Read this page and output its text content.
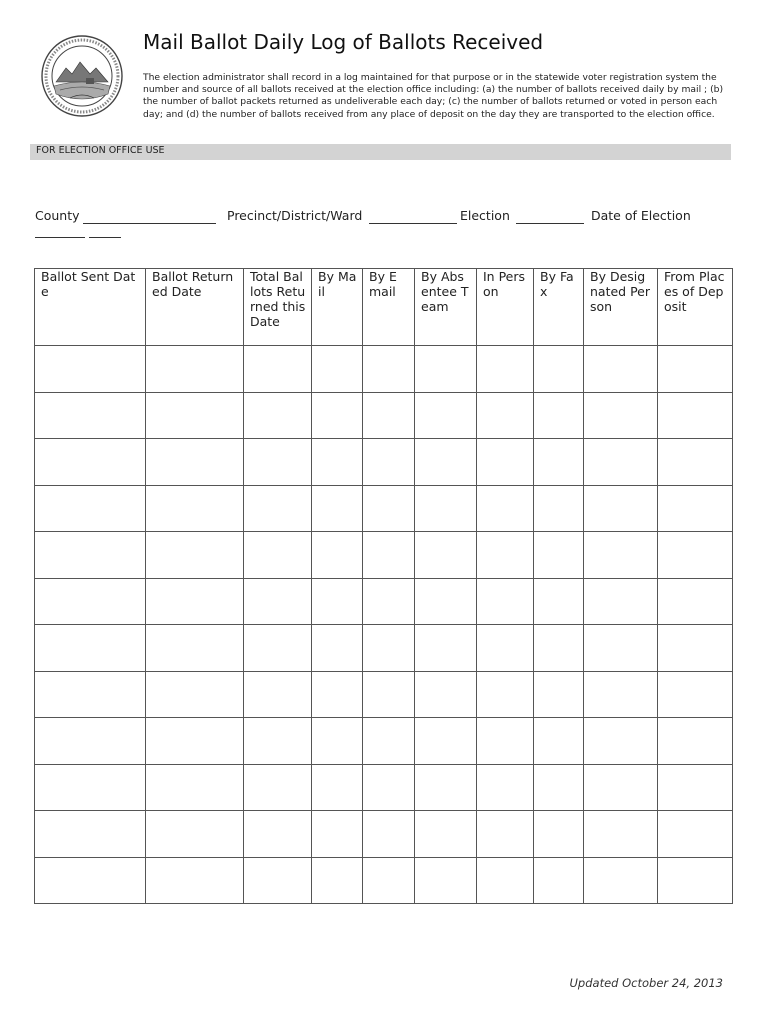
Mail Ballot Daily Log of Ballots Received
The election administrator shall record in a log maintained for that purpose or in the statewide voter registration system the number and source of all ballots received at the election office including: (a) the number of ballots received daily by mail ; (b) the number of ballot packets returned as undeliverable each day; (c) the number of ballots returned or voted in person each day; and (d) the number of ballots received from any place of deposit on the day they are transported to the election office.
FOR ELECTION OFFICE USE
County	Precinct/District/Ward	Election	Date of Election
Ballot Sent Date	Ballot Returned Date	Total Ballots Returned this Date	By Mail	By Email	By Absentee Team	In Person	By Fax	By Designated Person	From Places of Deposit

Updated October 24, 2013
